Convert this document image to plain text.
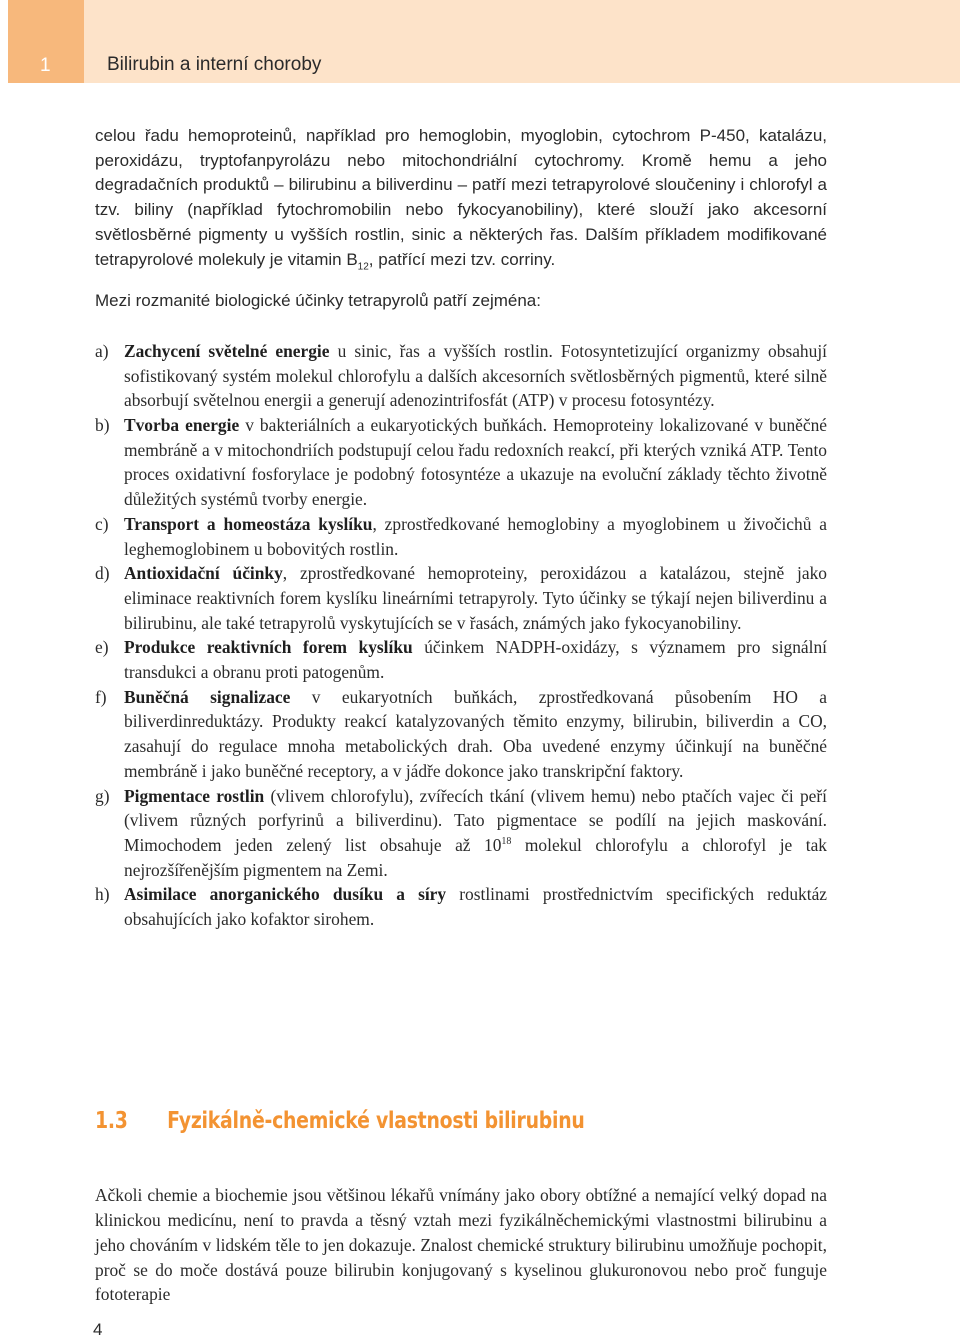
1	Bilirubin a interní choroby

celou řadu hemoproteinů, například pro hemoglobin, myoglobin, cytochrom P-450, katalázu, peroxidázu, tryptofanpyrolázu nebo mitochondriální cytochromy. Kromě hemu a jeho degradačních produktů – bilirubinu a biliverdinu – patří mezi tetrapyrolové sloučeniny i chlorofyl a tzv. biliny (například fytochromobilin nebo fykocyanobiliny), které slouží jako akcesorní světlosběrné pigmenty u vyšších rostlin, sinic a některých řas. Dalším příkladem modifikované tetrapyrolové molekuly je vitamin $B_{12}$, patřící mezi tzv. corriny.

Mezi rozmanité biologické účinky tetrapyrolů patří zejména:

a) Zachycení světelné energie u sinic, řas a vyšších rostlin. Fotosyntetizující organizmy obsahují sofistikovaný systém molekul chlorofylu a dalších akcesorních světlosběrných pigmentů, které silně absorbují světelnou energii a generují adenozintrifosfát (ATP) v procesu fotosyntézy.
b) Tvorba energie v bakteriálních a eukaryotických buňkách. Hemoproteiny lokalizované v buněčné membráně a v mitochondriích podstupují celou řadu redoxních reakcí, při kterých vzniká ATP. Tento proces oxidativní fosforylace je podobný fotosyntéze a ukazuje na evoluční základy těchto životně důležitých systémů tvorby energie.
c) Transport a homeostáza kyslíku, zprostředkované hemoglobiny a myoglobinem u živočichů a leghemoglobinem u bobovitých rostlin.
d) Antioxidační účinky, zprostředkované hemoproteiny, peroxidázou a katalázou, stejně jako eliminace reaktivních forem kyslíku lineárními tetrapyroly. Tyto účinky se týkají nejen biliverdinu a bilirubinu, ale také tetrapyrolů vyskytujících se v řasách, známých jako fykocyanobiliny.
e) Produkce reaktivních forem kyslíku účinkem NADPH-oxidázy, s významem pro signální transdukci a obranu proti patogenům.
f) Buněčná signalizace v eukaryotních buňkách, zprostředkovaná působením HO a biliverdinreduktázy. Produkty reakcí katalyzovaných těmito enzymy, bilirubin, biliverdin a CO, zasahují do regulace mnoha metabolických drah. Oba uvedené enzymy účinkují na buněčné membráně i jako buněčné receptory, a v jádře dokonce jako transkripční faktory.
g) Pigmentace rostlin (vlivem chlorofylu), zvířecích tkání (vlivem hemu) nebo ptačích vajec či peří (vlivem různých porfyrinů a biliverdinu). Tato pigmentace se podílí na jejich maskování. Mimochodem jeden zelený list obsahuje až $10^{18}$ molekul chlorofylu a chlorofyl je tak nejrozšířenějším pigmentem na Zemi.
h) Asimilace anorganického dusíku a síry rostlinami prostřednictvím specifických reduktáz obsahujících jako kofaktor sirohem.
1.3 Fyzikálně-chemické vlastnosti bilirubinu

Ačkoli chemie a biochemie jsou většinou lékařů vnímány jako obory obtížné a nemající velký dopad na klinickou medicínu, není to pravda a těsný vztah mezi fyzikálněchemickými vlastnostmi bilirubinu a jeho chováním v lidském těle to jen dokazuje. Znalost chemické struktury bilirubinu umožňuje pochopit, proč se do moče dostává pouze bilirubin konjugovaný s kyselinou glukuronovou nebo proč funguje fototerapie

4
